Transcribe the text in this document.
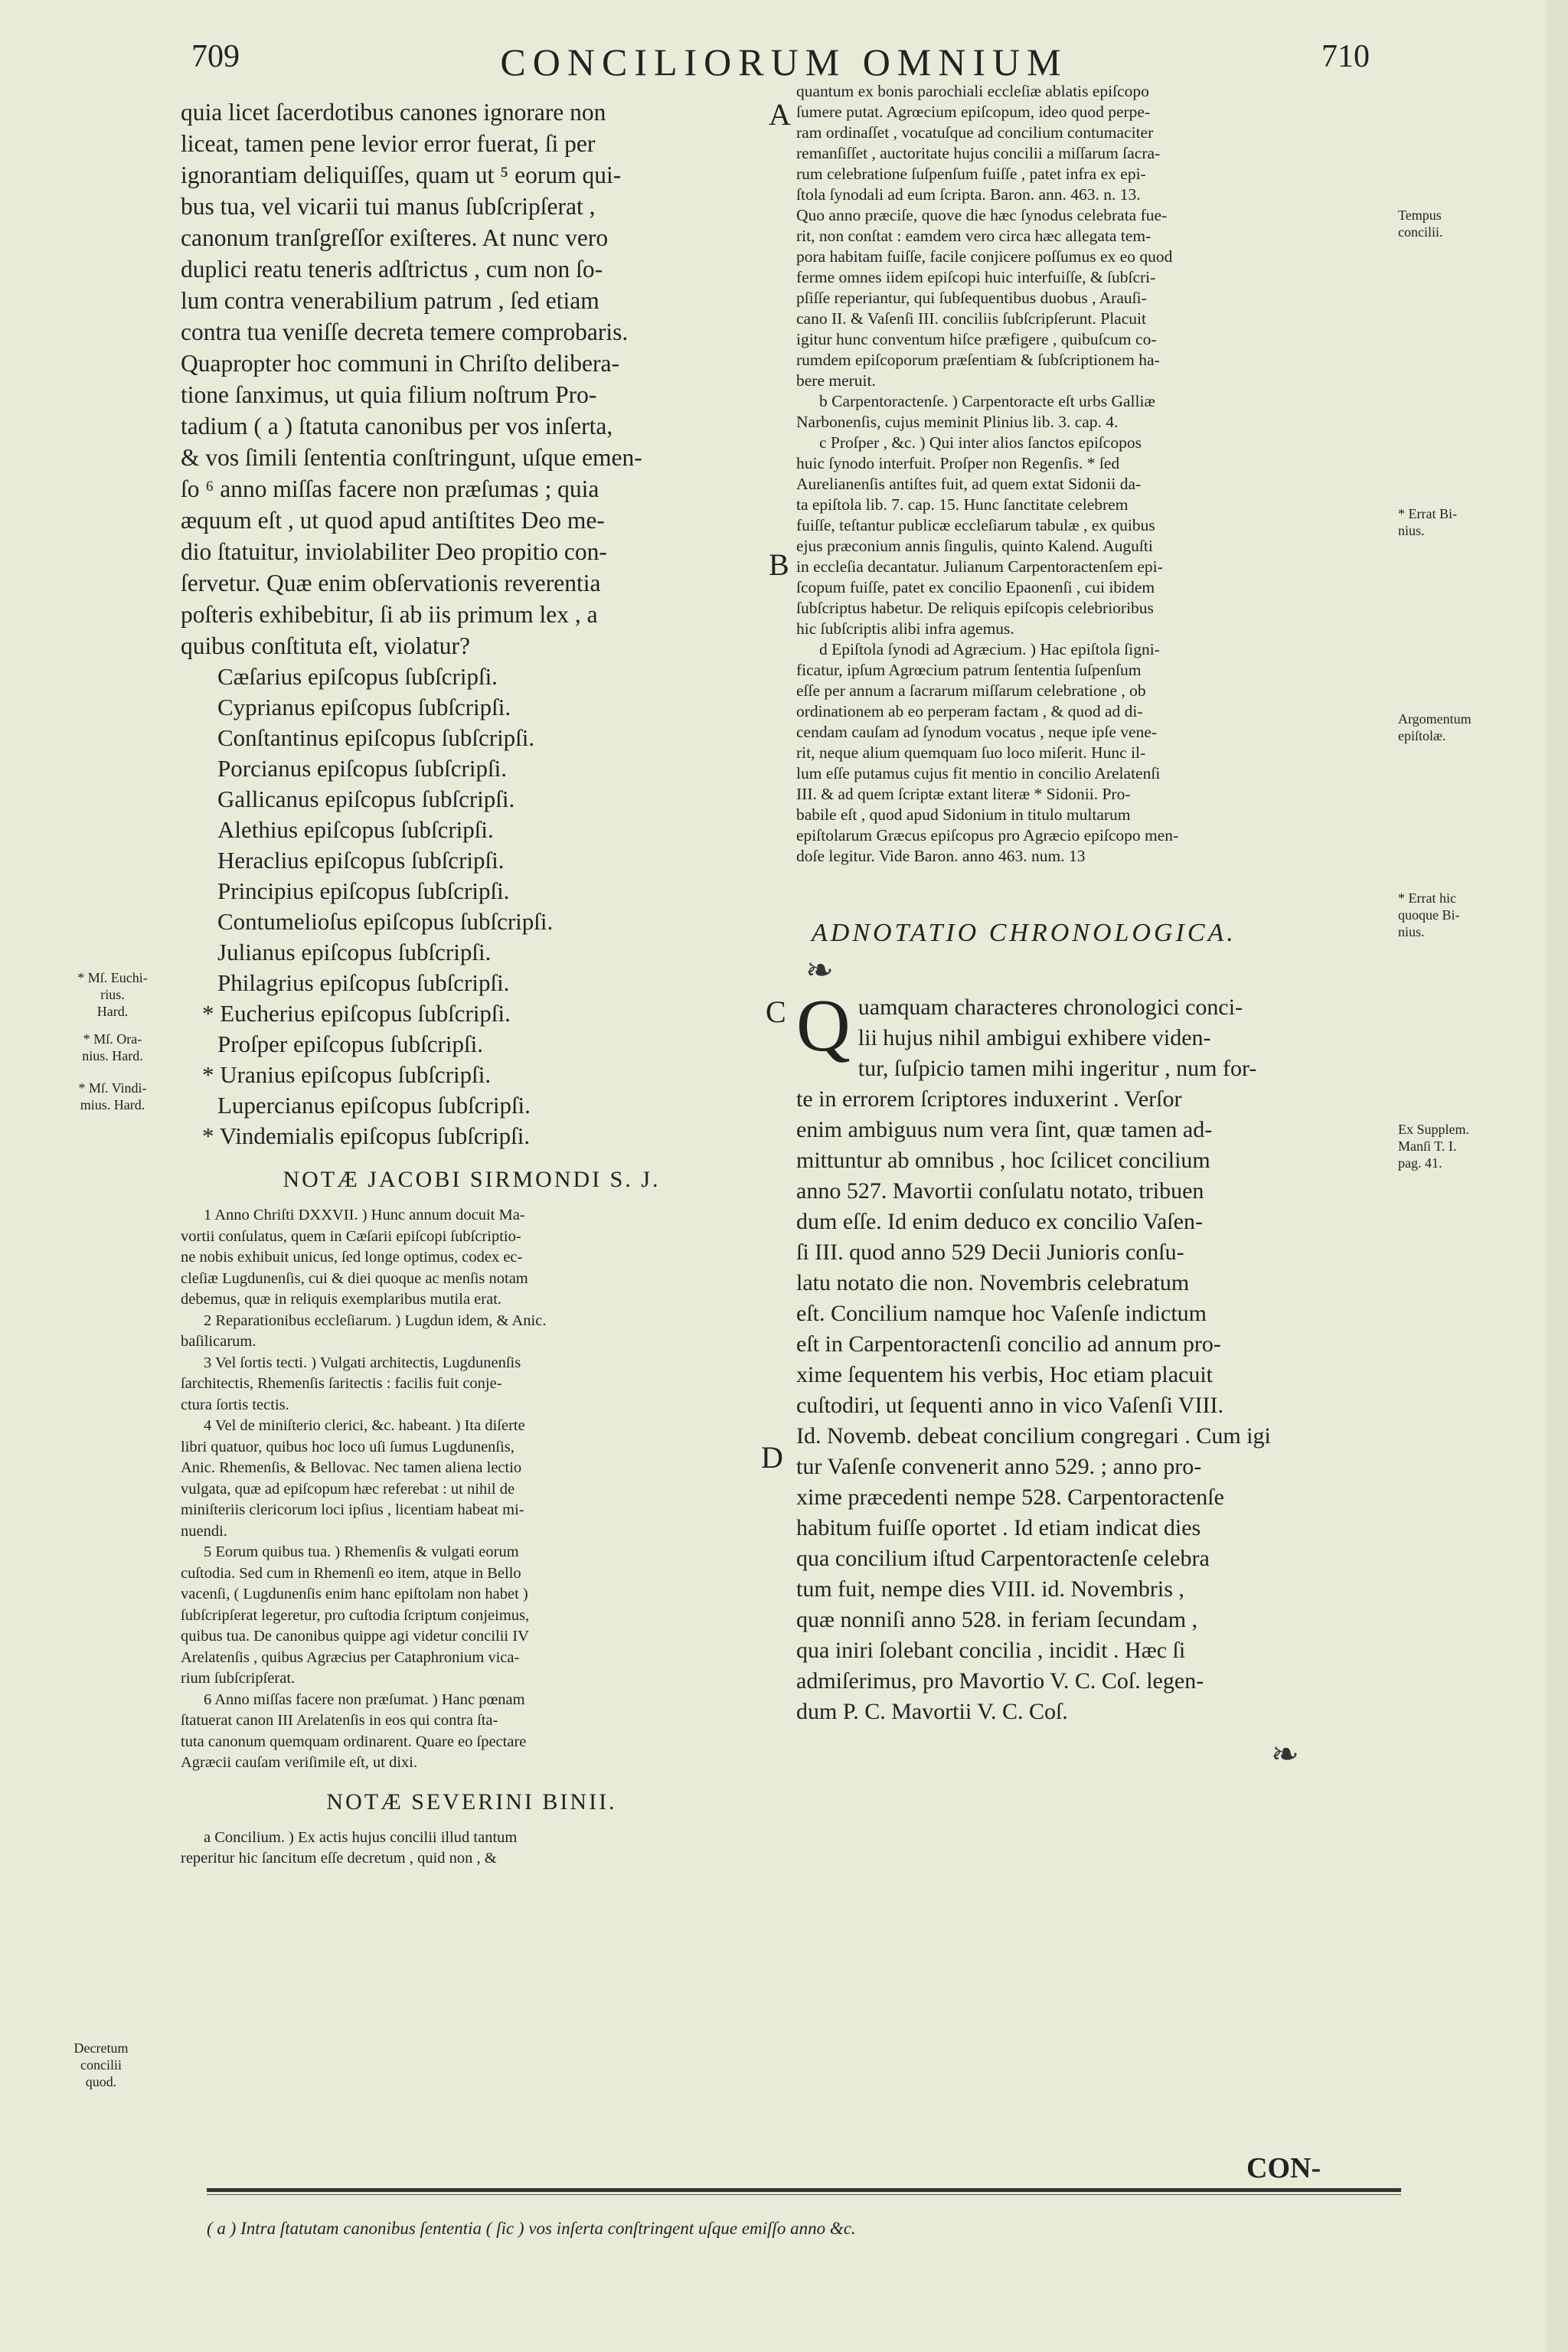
709	CONCILIORUM OMNIUM	710

quia licet ſacerdotibus canones ignorare non

liceat, tamen pene levior error fuerat, ſi per

ignorantiam deliquiſſes, quam ut ⁵ eorum qui-

bus tua, vel vicarii tui manus ſubſcripſerat ,

canonum tranſgreſſor exiſteres. At nunc vero

duplici reatu teneris adſtrictus , cum non ſo-

lum contra venerabilium patrum , ſed etiam

contra tua veniſſe decreta temere comprobaris.

Quapropter hoc communi in Chriſto delibera-

tione ſanximus, ut quia filium noſtrum Pro-

tadium ( a ) ſtatuta canonibus per vos inſerta,

& vos ſimili ſententia conſtringunt, uſque emen-

ſo ⁶ anno miſſas facere non præſumas ; quia

æquum eſt , ut quod apud antiſtites Deo me-

dio ſtatuitur, inviolabiliter Deo propitio con-

ſervetur. Quæ enim obſervationis reverentia

poſteris exhibebitur, ſi ab iis primum lex , a

quibus conſtituta eſt, violatur?

Cæſarius epiſcopus ſubſcripſi.
Cyprianus epiſcopus ſubſcripſi.
Conſtantinus epiſcopus ſubſcripſi.
Porcianus epiſcopus ſubſcripſi.
Gallicanus epiſcopus ſubſcripſi.
Alethius epiſcopus ſubſcripſi.
Heraclius epiſcopus ſubſcripſi.
Principius epiſcopus ſubſcripſi.
Contumelioſus epiſcopus ſubſcripſi.
Julianus epiſcopus ſubſcripſi.
Philagrius epiſcopus ſubſcripſi.
* Eucherius epiſcopus ſubſcripſi.
Proſper epiſcopus ſubſcripſi.
* Uranius epiſcopus ſubſcripſi.
Lupercianus epiſcopus ſubſcripſi.
* Vindemialis epiſcopus ſubſcripſi.
NOTÆ JACOBI SIRMONDI S. J.

1 Anno Chriſti DXXVII. ) Hunc annum docuit Ma-

vortii conſulatus, quem in Cæſarii epiſcopi ſubſcriptio-

ne nobis exhibuit unicus, ſed longe optimus, codex ec-

cleſiæ Lugdunenſis, cui & diei quoque ac menſis notam

debemus, quæ in reliquis exemplaribus mutila erat.

2 Reparationibus eccleſiarum. ) Lugdun idem, & Anic.

baſilicarum.

3 Vel ſortis tecti. ) Vulgati architectis, Lugdunenſis

ſarchitectis, Rhemenſis ſaritectis : facilis fuit conje-

ctura ſortis tectis.

4 Vel de miniſterio clerici, &c. habeant. ) Ita diſerte

libri quatuor, quibus hoc loco uſi ſumus Lugdunenſis,

Anic. Rhemenſis, & Bellovac. Nec tamen aliena lectio

vulgata, quæ ad epiſcopum hæc referebat : ut nihil de

miniſteriis clericorum loci ipſius , licentiam habeat mi-

nuendi.

5 Eorum quibus tua. ) Rhemenſis & vulgati eorum

cuſtodia. Sed cum in Rhemenſi eo item, atque in Bello

vacenſi, ( Lugdunenſis enim hanc epiſtolam non habet )

ſubſcripſerat legeretur, pro cuſtodia ſcriptum conjeimus,

quibus tua. De canonibus quippe agi videtur concilii IV

Arelatenſis , quibus Agræcius per Cataphronium vica-

rium ſubſcripſerat.

6 Anno miſſas facere non præſumat. ) Hanc pœnam

ſtatuerat canon III Arelatenſis in eos qui contra ſta-

tuta canonum quemquam ordinarent. Quare eo ſpectare

Agræcii cauſam veriſimile eſt, ut dixi.

NOTÆ SEVERINI BINII.

a Concilium. ) Ex actis hujus concilii illud tantum

reperitur hic ſancitum eſſe decretum , quid non , &

quantum ex bonis parochiali eccleſiæ ablatis epiſcopo

ſumere putat. Agrœcium epiſcopum, ideo quod perpe-

ram ordinaſſet , vocatuſque ad concilium contumaciter

remanſiſſet , auctoritate hujus concilii a miſſarum ſacra-

rum celebratione ſuſpenſum fuiſſe , patet infra ex epi-

ſtola ſynodali ad eum ſcripta. Baron. ann. 463. n. 13.

Quo anno præciſe, quove die hæc ſynodus celebrata fue-

rit, non conſtat : eamdem vero circa hæc allegata tem-

pora habitam fuiſſe, facile conjicere poſſumus ex eo quod

ferme omnes iidem epiſcopi huic interfuiſſe, & ſubſcri-

pſiſſe reperiantur, qui ſubſequentibus duobus , Arauſi-

cano II. & Vaſenſi III. conciliis ſubſcripſerunt. Placuit

igitur hunc conventum hiſce præfigere , quibuſcum co-

rumdem epiſcoporum præſentiam & ſubſcriptionem ha-

bere meruit.

b Carpentoractenſe. ) Carpentoracte eſt urbs Galliæ

Narbonenſis, cujus meminit Plinius lib. 3. cap. 4.

c Proſper , &c. ) Qui inter alios ſanctos epiſcopos

huic ſynodo interfuit. Proſper non Regenſis. * ſed

Aurelianenſis antiſtes fuit, ad quem extat Sidonii da-

ta epiſtola lib. 7. cap. 15. Hunc ſanctitate celebrem

fuiſſe, teſtantur publicæ eccleſiarum tabulæ , ex quibus

ejus præconium annis ſingulis, quinto Kalend. Auguſti

in eccleſia decantatur. Julianum Carpentoractenſem epi-

ſcopum fuiſſe, patet ex concilio Epaonenſi , cui ibidem

ſubſcriptus habetur. De reliquis epiſcopis celebrioribus

hic ſubſcriptis alibi infra agemus.

d Epiſtola ſynodi ad Agræcium. ) Hac epiſtola ſigni-

ficatur, ipſum Agrœcium patrum ſententia ſuſpenſum

eſſe per annum a ſacrarum miſſarum celebratione , ob

ordinationem ab eo perperam factam , & quod ad di-

cendam cauſam ad ſynodum vocatus , neque ipſe vene-

rit, neque alium quemquam ſuo loco miſerit. Hunc il-

lum eſſe putamus cujus fit mentio in concilio Arelatenſi

III. & ad quem ſcriptæ extant literæ * Sidonii. Pro-

babile eſt , quod apud Sidonium in titulo multarum

epiſtolarum Græcus epiſcopus pro Agræcio epiſcopo men-

doſe legitur. Vide Baron. anno 463. num. 13

ADNOTATIO CHRONOLOGICA.
❧

Quamquam characteres chronologici conci-

lii hujus nihil ambigui exhibere viden-

tur, ſuſpicio tamen mihi ingeritur , num for-

te in errorem ſcriptores induxerint . Verſor

enim ambiguus num vera ſint, quæ tamen ad-

mittuntur ab omnibus , hoc ſcilicet concilium

anno 527. Mavortii conſulatu notato, tribuen

dum eſſe. Id enim deduco ex concilio Vaſen-

ſi III. quod anno 529 Decii Junioris conſu-

latu notato die non. Novembris celebratum

eſt. Concilium namque hoc Vaſenſe indictum

eſt in Carpentoractenſi concilio ad annum pro-

xime ſequentem his verbis, Hoc etiam placuit

cuſtodiri, ut ſequenti anno in vico Vaſenſi VIII.

Id. Novemb. debeat concilium congregari . Cum igi

tur Vaſenſe convenerit anno 529. ; anno pro-

xime præcedenti nempe 528. Carpentoractenſe

habitum fuiſſe oportet . Id etiam indicat dies

qua concilium iſtud Carpentoractenſe celebra

tum fuit, nempe dies VIII. id. Novembris ,

quæ nonniſi anno 528. in feriam ſecundam ,

qua iniri ſolebant concilia , incidit . Hæc ſi

admiſerimus, pro Mavortio V. C. Coſ. legen-

dum P. C. Mavortii V. C. Coſ.

❧
A
B
C
D
* Mſ. Euchi-
rius.
Hard.
* Mſ. Ora-
nius. Hard.
* Mſ. Vindi-
mius. Hard.
Decretum
concilii
quod.
Tempus
concilii.
* Errat Bi-
nius.
Argomentum
epiſtolæ.
* Errat hic
quoque Bi-
nius.
Ex Supplem.
Manſi T. I.
pag. 41.
CON-
( a ) Intra ſtatutam canonibus ſententia ( ſic ) vos inſerta conſtringent uſque emiſſo anno &c.
